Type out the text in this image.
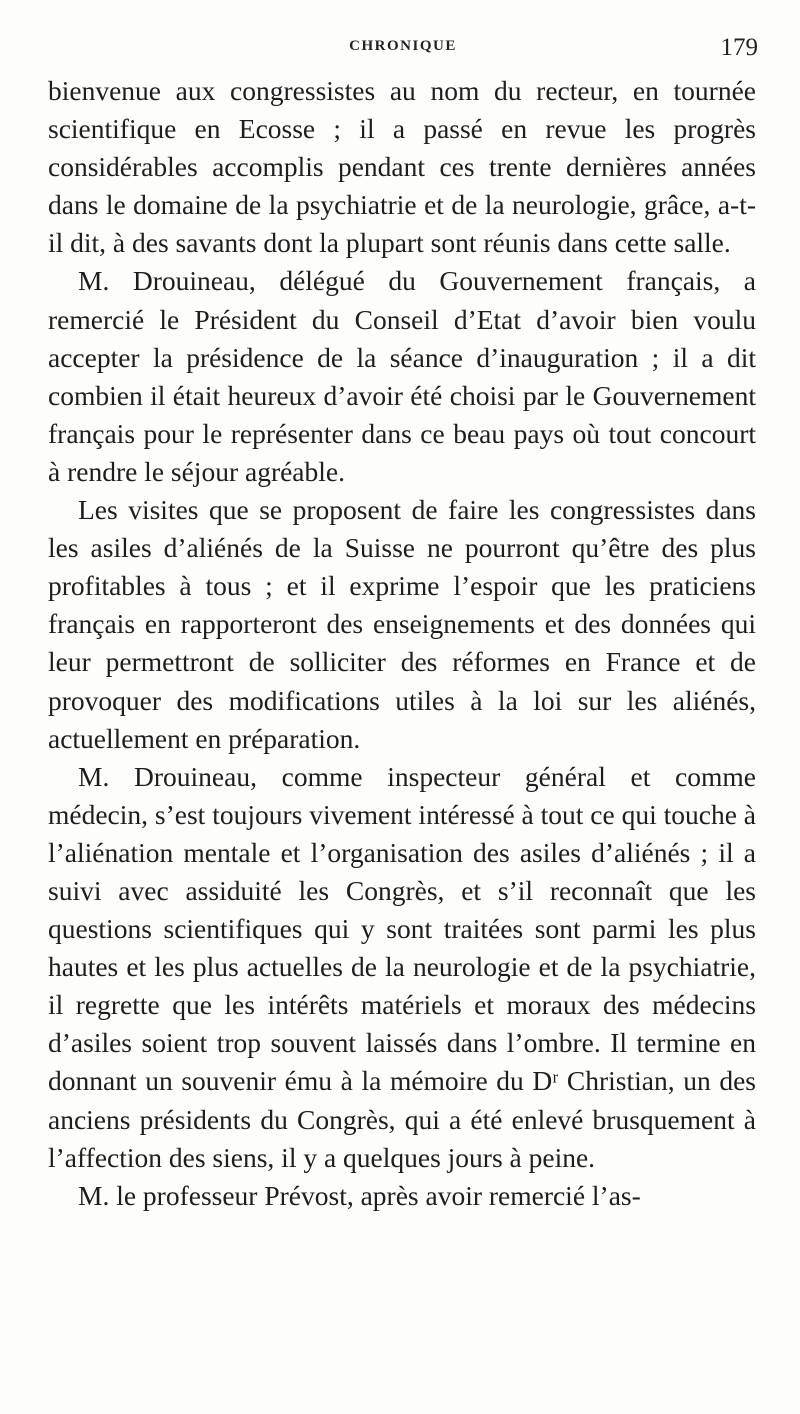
CHRONIQUE	179

bienvenue aux congressistes au nom du recteur, en tournée scientifique en Ecosse ; il a passé en revue les progrès considérables accomplis pendant ces trente dernières années dans le domaine de la psychiatrie et de la neurologie, grâce, a-t-il dit, à des savants dont la plupart sont réunis dans cette salle.

M. Drouineau, délégué du Gouvernement français, a remercié le Président du Conseil d’Etat d’avoir bien voulu accepter la présidence de la séance d’inauguration ; il a dit combien il était heureux d’avoir été choisi par le Gouvernement français pour le représenter dans ce beau pays où tout concourt à rendre le séjour agréable.

Les visites que se proposent de faire les congressistes dans les asiles d’aliénés de la Suisse ne pourront qu’être des plus profitables à tous ; et il exprime l’espoir que les praticiens français en rapporteront des enseignements et des données qui leur permettront de solliciter des réformes en France et de provoquer des modifications utiles à la loi sur les aliénés, actuellement en préparation.

M. Drouineau, comme inspecteur général et comme médecin, s’est toujours vivement intéressé à tout ce qui touche à l’aliénation mentale et l’organisation des asiles d’aliénés ; il a suivi avec assiduité les Congrès, et s’il reconnaît que les questions scientifiques qui y sont traitées sont parmi les plus hautes et les plus actuelles de la neurologie et de la psychiatrie, il regrette que les intérêts matériels et moraux des médecins d’asiles soient trop souvent laissés dans l’ombre. Il termine en donnant un souvenir ému à la mémoire du Dʳ Christian, un des anciens présidents du Congrès, qui a été enlevé brusquement à l’affection des siens, il y a quelques jours à peine.

M. le professeur Prévost, après avoir remercié l’as-
